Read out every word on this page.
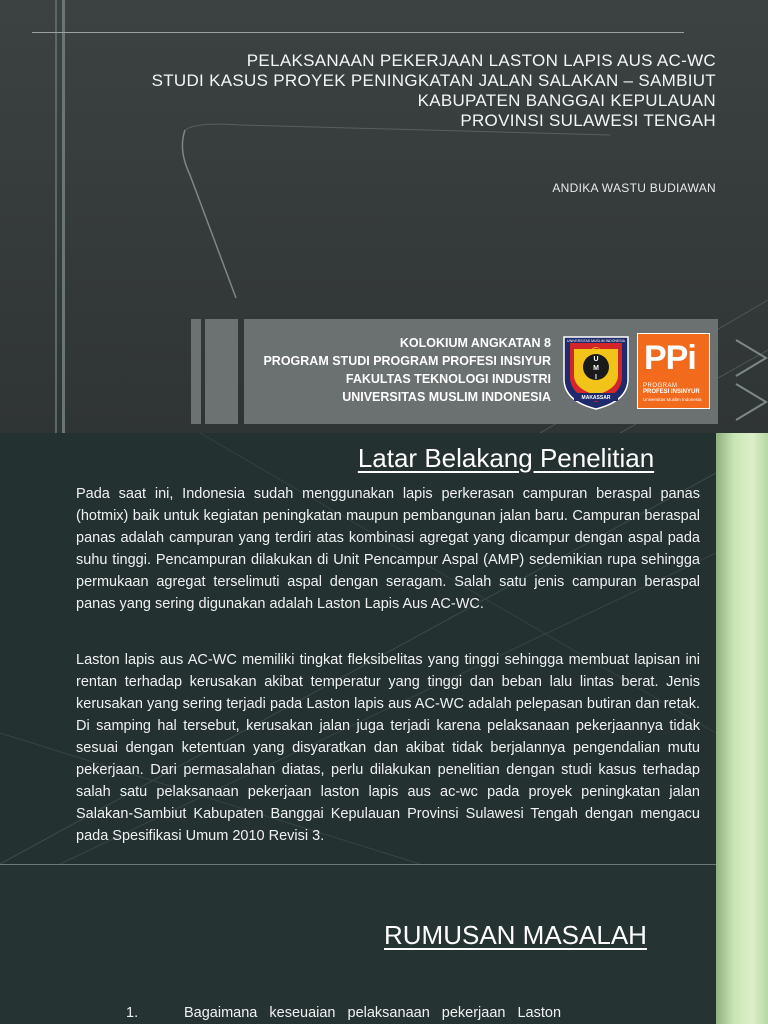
PELAKSANAAN PEKERJAAN LASTON LAPIS AUS AC-WC
STUDI KASUS PROYEK PENINGKATAN JALAN SALAKAN – SAMBIUT
KABUPATEN BANGGAI KEPULAUAN
PROVINSI SULAWESI TENGAH
ANDIKA WASTU BUDIAWAN
KOLOKIUM ANGKATAN 8
PROGRAM STUDI PROGRAM PROFESI INSIYUR
FAKULTAS TEKNOLOGI INDUSTRI
UNIVERSITAS MUSLIM INDONESIA
U
M
I
MAKASSAR
UNIVERSITAS MUSLIM INDONESIA PPi
PROGRAM
PROFESI INSINYUR
Universitas Muslim Indonesia
Latar Belakang Penelitian

Pada saat ini, Indonesia sudah menggunakan lapis perkerasan campuran beraspal panas (hotmix) baik untuk kegiatan peningkatan maupun pembangunan jalan baru. Campuran beraspal panas adalah campuran yang terdiri atas kombinasi agregat yang dicampur dengan aspal pada suhu tinggi. Pencampuran dilakukan di Unit Pencampur Aspal (AMP) sedemikian rupa sehingga permukaan agregat terselimuti aspal dengan seragam. Salah satu jenis campuran beraspal panas yang sering digunakan adalah Laston Lapis Aus AC-WC.

Laston lapis aus AC-WC memiliki tingkat fleksibelitas yang tinggi sehingga membuat lapisan ini rentan terhadap kerusakan akibat temperatur yang tinggi dan beban lalu lintas berat. Jenis kerusakan yang sering terjadi pada Laston lapis aus AC-WC adalah pelepasan butiran dan retak. Di samping hal tersebut, kerusakan jalan juga terjadi karena pelaksanaan pekerjaannya tidak sesuai dengan ketentuan yang disyaratkan dan akibat tidak berjalannya pengendalian mutu pekerjaan. Dari permasalahan diatas, perlu dilakukan penelitian dengan studi kasus terhadap salah satu pelaksanaan pekerjaan laston lapis aus ac-wc pada proyek peningkatan jalan Salakan-Sambiut Kabupaten Banggai Kepulauan Provinsi Sulawesi Tengah dengan mengacu pada Spesifikasi Umum 2010 Revisi 3.

RUMUSAN MASALAH
1.	Bagaimana keseuaian pelaksanaan pekerjaan Laston
